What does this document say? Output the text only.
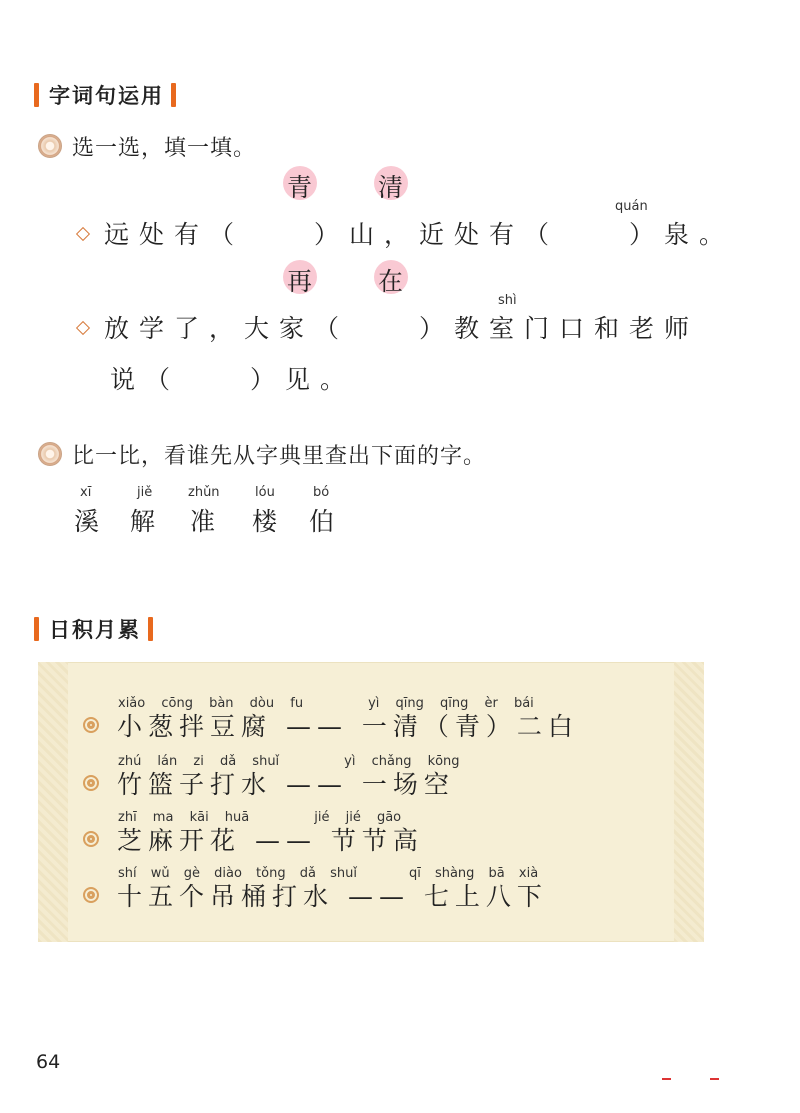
字词句运用
选一选，填一填。
青	清
quán
远处有（　　）山，近处有（　　）泉。
再	在
shì
放学了，大家（　　）教室门口和老师
说（　　）见。
比一比，看谁先从字典里查出下面的字。
xī
溪
jiě
解
zhǔn
准
lóu
楼
bó
伯
日积月累
xiǎo cōng bàn dòu fu　　　　　yì qīng qīng èr bái
小葱拌豆腐 —— 一清（青）二白
zhú lán zi dǎ shuǐ　　　　　yì chǎng kōng
竹篮子打水 —— 一场空
zhī ma kāi huā　　　　　jié jié gāo
芝麻开花 —— 节节高
shí wǔ gè diào tǒng dǎ shuǐ　　　　qī shàng bā xià
十五个吊桶打水 —— 七上八下
64
